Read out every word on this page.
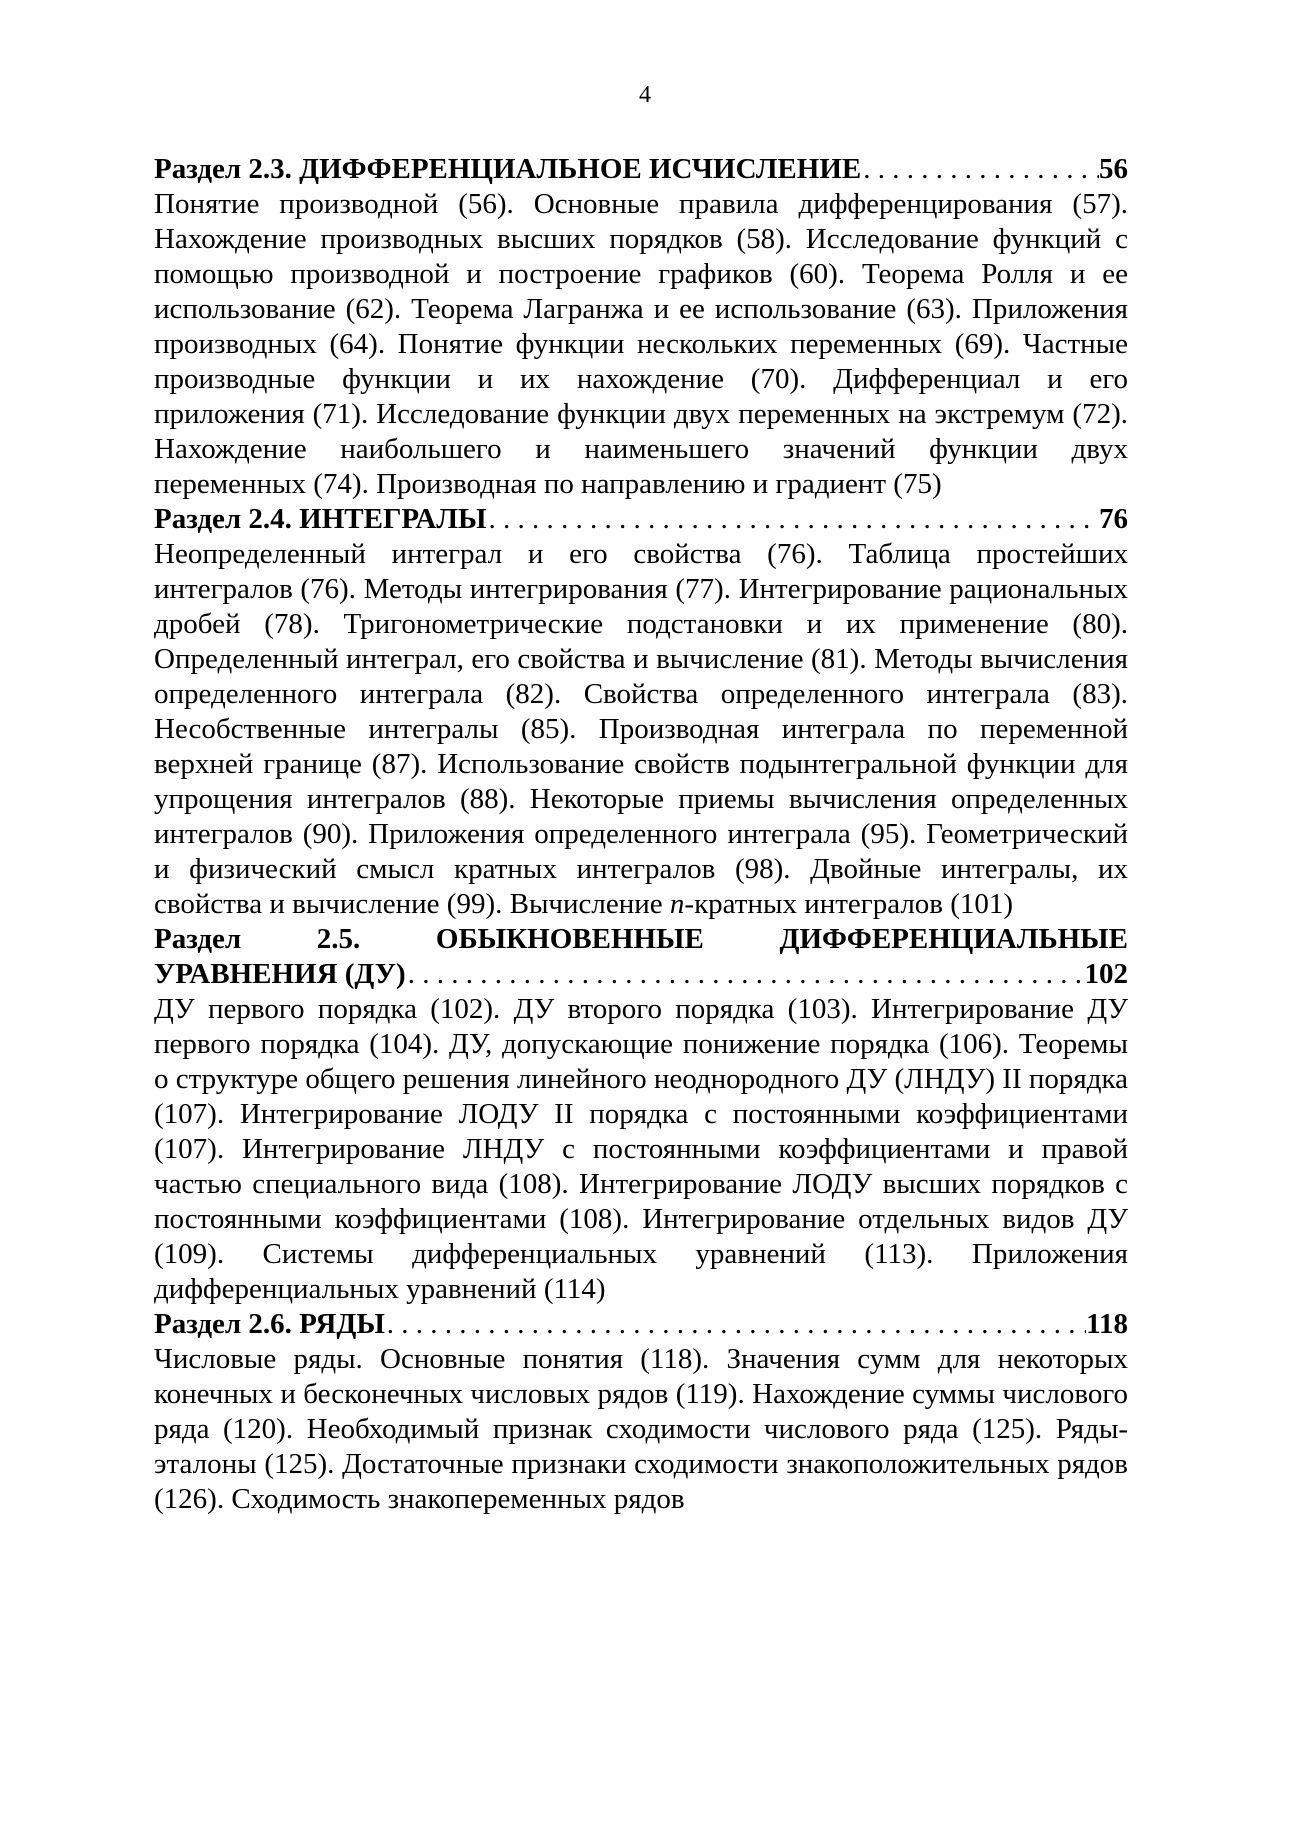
4
Раздел 2.3. ДИФФЕРЕНЦИАЛЬНОЕ ИСЧИСЛЕНИЕ . . .	56

Понятие производной (56). Основные правила дифференцирования (57). Нахождение производных высших порядков (58). Исследование функций с помощью производной и построение графиков (60). Теорема Ролля и ее использование (62). Теорема Лагранжа и ее использование (63). Приложения производных (64). Понятие функции нескольких переменных (69). Частные производные функции и их нахождение (70). Дифференциал и его приложения (71). Исследование функции двух переменных на экстремум (72). Нахождение наибольшего и наименьшего значений функции двух переменных (74). Производная по направлению и градиент (75)

Раздел 2.4. ИНТЕГРАЛЫ . . .	76

Неопределенный интеграл и его свойства (76). Таблица простейших интегралов (76). Методы интегрирования (77). Интегрирование рациональных дробей (78). Тригонометрические подстановки и их применение (80). Определенный интеграл, его свойства и вычисление (81). Методы вычисления определенного интеграла (82). Свойства определенного интеграла (83). Несобственные интегралы (85). Производная интеграла по переменной верхней границе (87). Использование свойств подынтегральной функции для упрощения интегралов (88). Некоторые приемы вычисления определенных интегралов (90). Приложения определенного интеграла (95). Геометрический и физический смысл кратных интегралов (98). Двойные интегралы, их свойства и вычисление (99). Вычисление n-кратных интегралов (101)

Раздел 2.5.	ОБЫКНОВЕННЫЕ	ДИФФЕРЕНЦИАЛЬНЫЕ
УРАВНЕНИЯ (ДУ) . . .	102

ДУ первого порядка (102). ДУ второго порядка (103). Интегрирование ДУ первого порядка (104). ДУ, допускающие понижение порядка (106). Теоремы о структуре общего решения линейного неоднородного ДУ (ЛНДУ) II порядка (107). Интегрирование ЛОДУ II порядка с постоянными коэффициентами (107). Интегрирование ЛНДУ с постоянными коэффициентами и правой частью специального вида (108). Интегрирование ЛОДУ высших порядков с постоянными коэффициентами (108). Интегрирование отдельных видов ДУ (109). Системы дифференциальных уравнений (113). Приложения дифференциальных уравнений (114)

Раздел 2.6. РЯДЫ . . .	118

Числовые ряды. Основные понятия (118). Значения сумм для некоторых конечных и бесконечных числовых рядов (119). Нахождение суммы числового ряда (120). Необходимый признак сходимости числового ряда (125). Ряды-эталоны (125). Достаточные признаки сходимости знакоположительных рядов (126). Сходимость знакопеременных рядов
